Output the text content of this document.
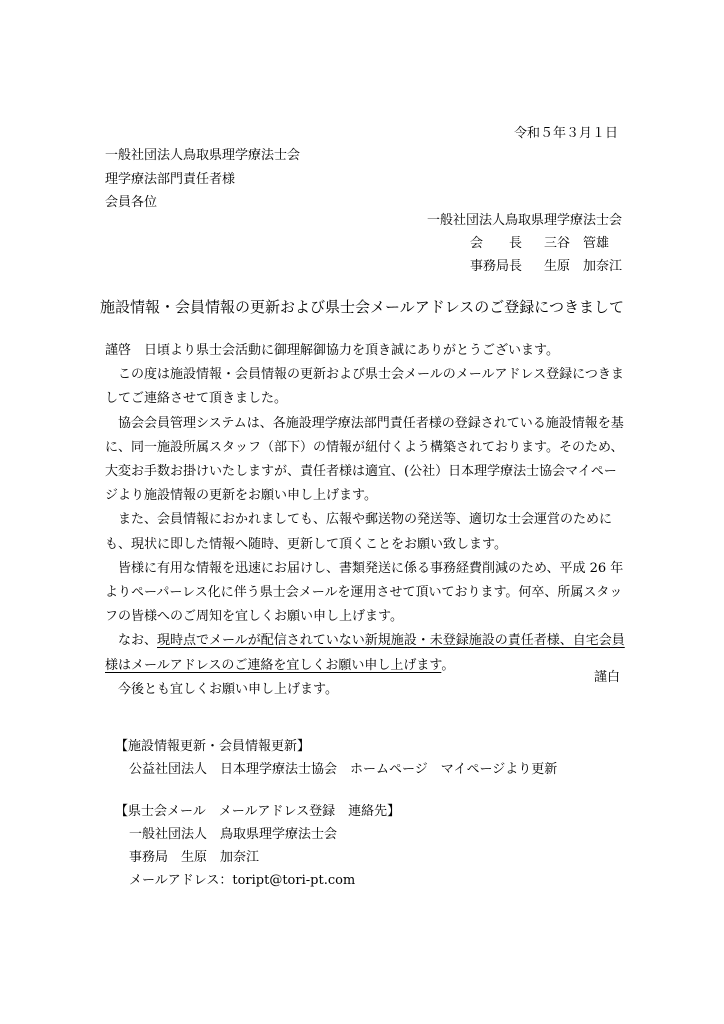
令和５年３月１日
一般社団法人鳥取県理学療法士会
理学療法部門責任者様
会員各位
一般社団法人鳥取県理学療法士会
会　　長 三谷　管雄
事務局長 生原　加奈江
施設情報・会員情報の更新および県士会メールアドレスのご登録につきまして

謹啓　日頃より県士会活動に御理解御協力を頂き誠にありがとうございます。

この度は施設情報・会員情報の更新および県士会メールのメールアドレス登録につきましてご連絡させて頂きました。

協会会員管理システムは、各施設理学療法部門責任者様の登録されている施設情報を基に、同一施設所属スタッフ（部下）の情報が紐付くよう構築されております。そのため、大変お手数お掛けいたしますが、責任者様は適宜、(公社）日本理学療法士協会マイページより施設情報の更新をお願い申し上げます。

また、会員情報におかれましても、広報や郵送物の発送等、適切な士会運営のためにも、現状に即した情報へ随時、更新して頂くことをお願い致します。

皆様に有用な情報を迅速にお届けし、書類発送に係る事務経費削減のため、平成 26 年よりペーパーレス化に伴う県士会メールを運用させて頂いております。何卒、所属スタッフの皆様へのご周知を宜しくお願い申し上げます。

なお、現時点でメールが配信されていない新規施設・未登録施設の責任者様、自宅会員様はメールアドレスのご連絡を宜しくお願い申し上げます。

今後とも宜しくお願い申し上げます。

謹白
【施設情報更新・会員情報更新】
公益社団法人　日本理学療法士協会　ホームページ　マイページより更新
【県士会メール　メールアドレス登録　連絡先】
一般社団法人　鳥取県理学療法士会
事務局　生原　加奈江
メールアドレス：toript@tori-pt.com
